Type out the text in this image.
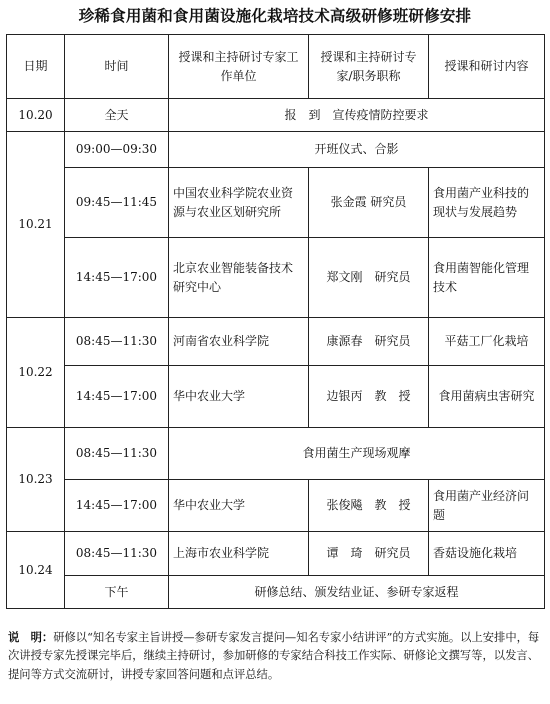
珍稀食用菌和食用菌设施化栽培技术高级研修班研修安排
日期	时间	授课和主持研讨专家工作单位	授课和主持研讨专家/职务职称	授课和研讨内容
10.20	全天	报　到　宣传疫情防控要求		
10.21	09:00—09:30	开班仪式、合影		
	09:45—11:45	中国农业科学院农业资源与农业区划研究所	张金霞 研究员	食用菌产业科技的现状与发展趋势
	14:45—17:00	北京农业智能装备技术研究中心	郑文刚　研究员	食用菌智能化管理技术
10.22	08:45—11:30	河南省农业科学院	康源春　研究员	平菇工厂化栽培
	14:45—17:00	华中农业大学	边银丙　教　授	食用菌病虫害研究
10.23	08:45—11:30	食用菌生产现场观摩		
	14:45—17:00	华中农业大学	张俊飚　教　授	食用菌产业经济问题
10.24	08:45—11:30	上海市农业科学院	谭　琦　研究员	香菇设施化栽培
	下午	研修总结、颁发结业证、参研专家返程		
说　明：研修以“知名专家主旨讲授—参研专家发言提问—知名专家小结讲评”的方式实施。以上安排中，每次讲授专家先授课完毕后，继续主持研讨，参加研修的专家结合科技工作实际、研修论文撰写等，以发言、提问等方式交流研讨，讲授专家回答问题和点评总结。
